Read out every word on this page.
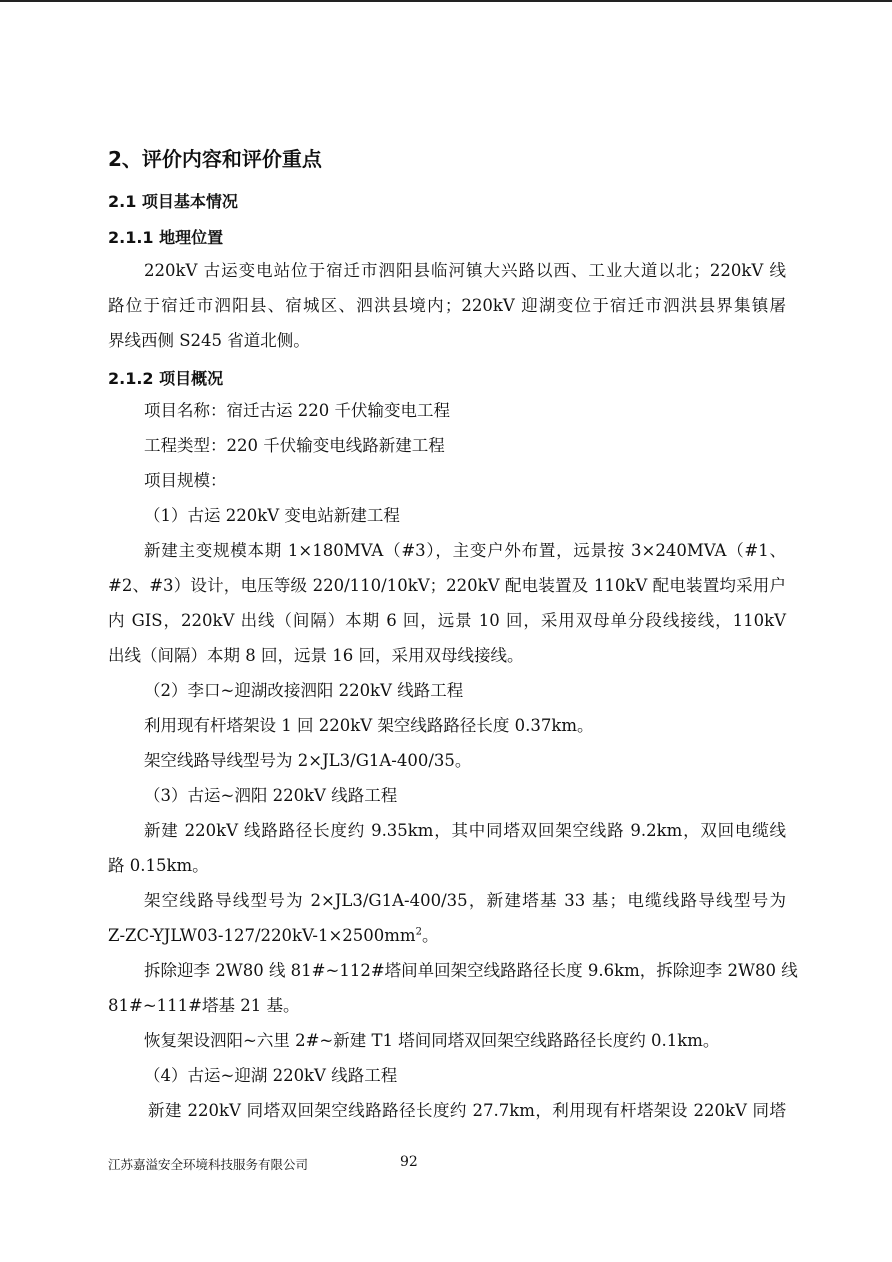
2、评价内容和评价重点
2.1 项目基本情况
2.1.1 地理位置
220kV 古运变电站位于宿迁市泗阳县临河镇大兴路以西、工业大道以北；220kV 线
路位于宿迁市泗阳县、宿城区、泗洪县境内；220kV 迎湖变位于宿迁市泗洪县界集镇屠
界线西侧 S245 省道北侧。
2.1.2 项目概况
项目名称：宿迁古运 220 千伏输变电工程
工程类型：220 千伏输变电线路新建工程
项目规模：
（1）古运 220kV 变电站新建工程
新建主变规模本期 1×180MVA（#3），主变户外布置，远景按 3×240MVA（#1、
#2、#3）设计，电压等级 220/110/10kV；220kV 配电装置及 110kV 配电装置均采用户
内 GIS，220kV 出线（间隔）本期 6 回，远景 10 回，采用双母单分段线接线，110kV
出线（间隔）本期 8 回，远景 16 回，采用双母线接线。
（2）李口~迎湖改接泗阳 220kV 线路工程
利用现有杆塔架设 1 回 220kV 架空线路路径长度 0.37km。
架空线路导线型号为 2×JL3/G1A-400/35。
（3）古运~泗阳 220kV 线路工程
新建 220kV 线路路径长度约 9.35km，其中同塔双回架空线路 9.2km，双回电缆线
路 0.15km。
架空线路导线型号为 2×JL3/G1A-400/35，新建塔基 33 基；电缆线路导线型号为
$Z-ZC-YJLW03-127/220kV-1\times 2500mm^2$。
拆除迎李 2W80 线 81#~112#塔间单回架空线路路径长度 9.6km，拆除迎李 2W80 线
81#~111#塔基 21 基。
恢复架设泗阳~六里 2#~新建 T1 塔间同塔双回架空线路路径长度约 0.1km。
（4）古运~迎湖 220kV 线路工程
新建 220kV 同塔双回架空线路路径长度约 27.7km，利用现有杆塔架设 220kV 同塔
江苏嘉溢安全环境科技服务有限公司	92
